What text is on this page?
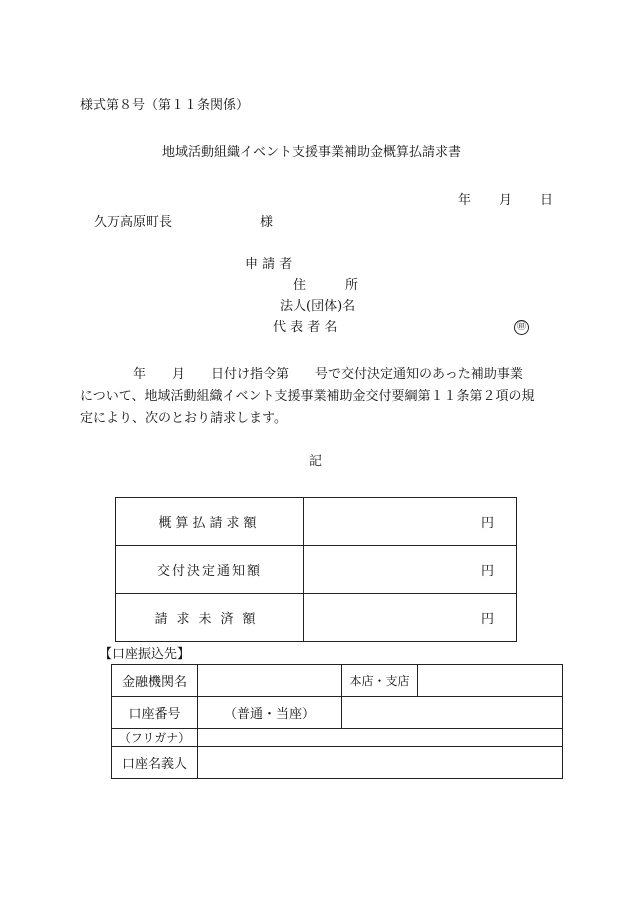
様式第８号（第１１条関係）
地域活動組織イベント支援事業補助金概算払請求書
年 月 日
久万高原町長	様
申 請 者
住　　　所
法人(団体)名
代 表 者 名	㊞
　年　　月　　日付け指令第　　号で交付決定通知のあった補助事業
について、地域活動組織イベント支援事業補助金交付要綱第１１条第２項の規
定により、次のとおり請求します。
記
概算払請求額	円
交付決定通知額	円
請求未済額	円
【口座振込先】
金融機関名		本店・支店	
口座番号	（普通・当座）		
（フリガナ）			
口座名義人			
